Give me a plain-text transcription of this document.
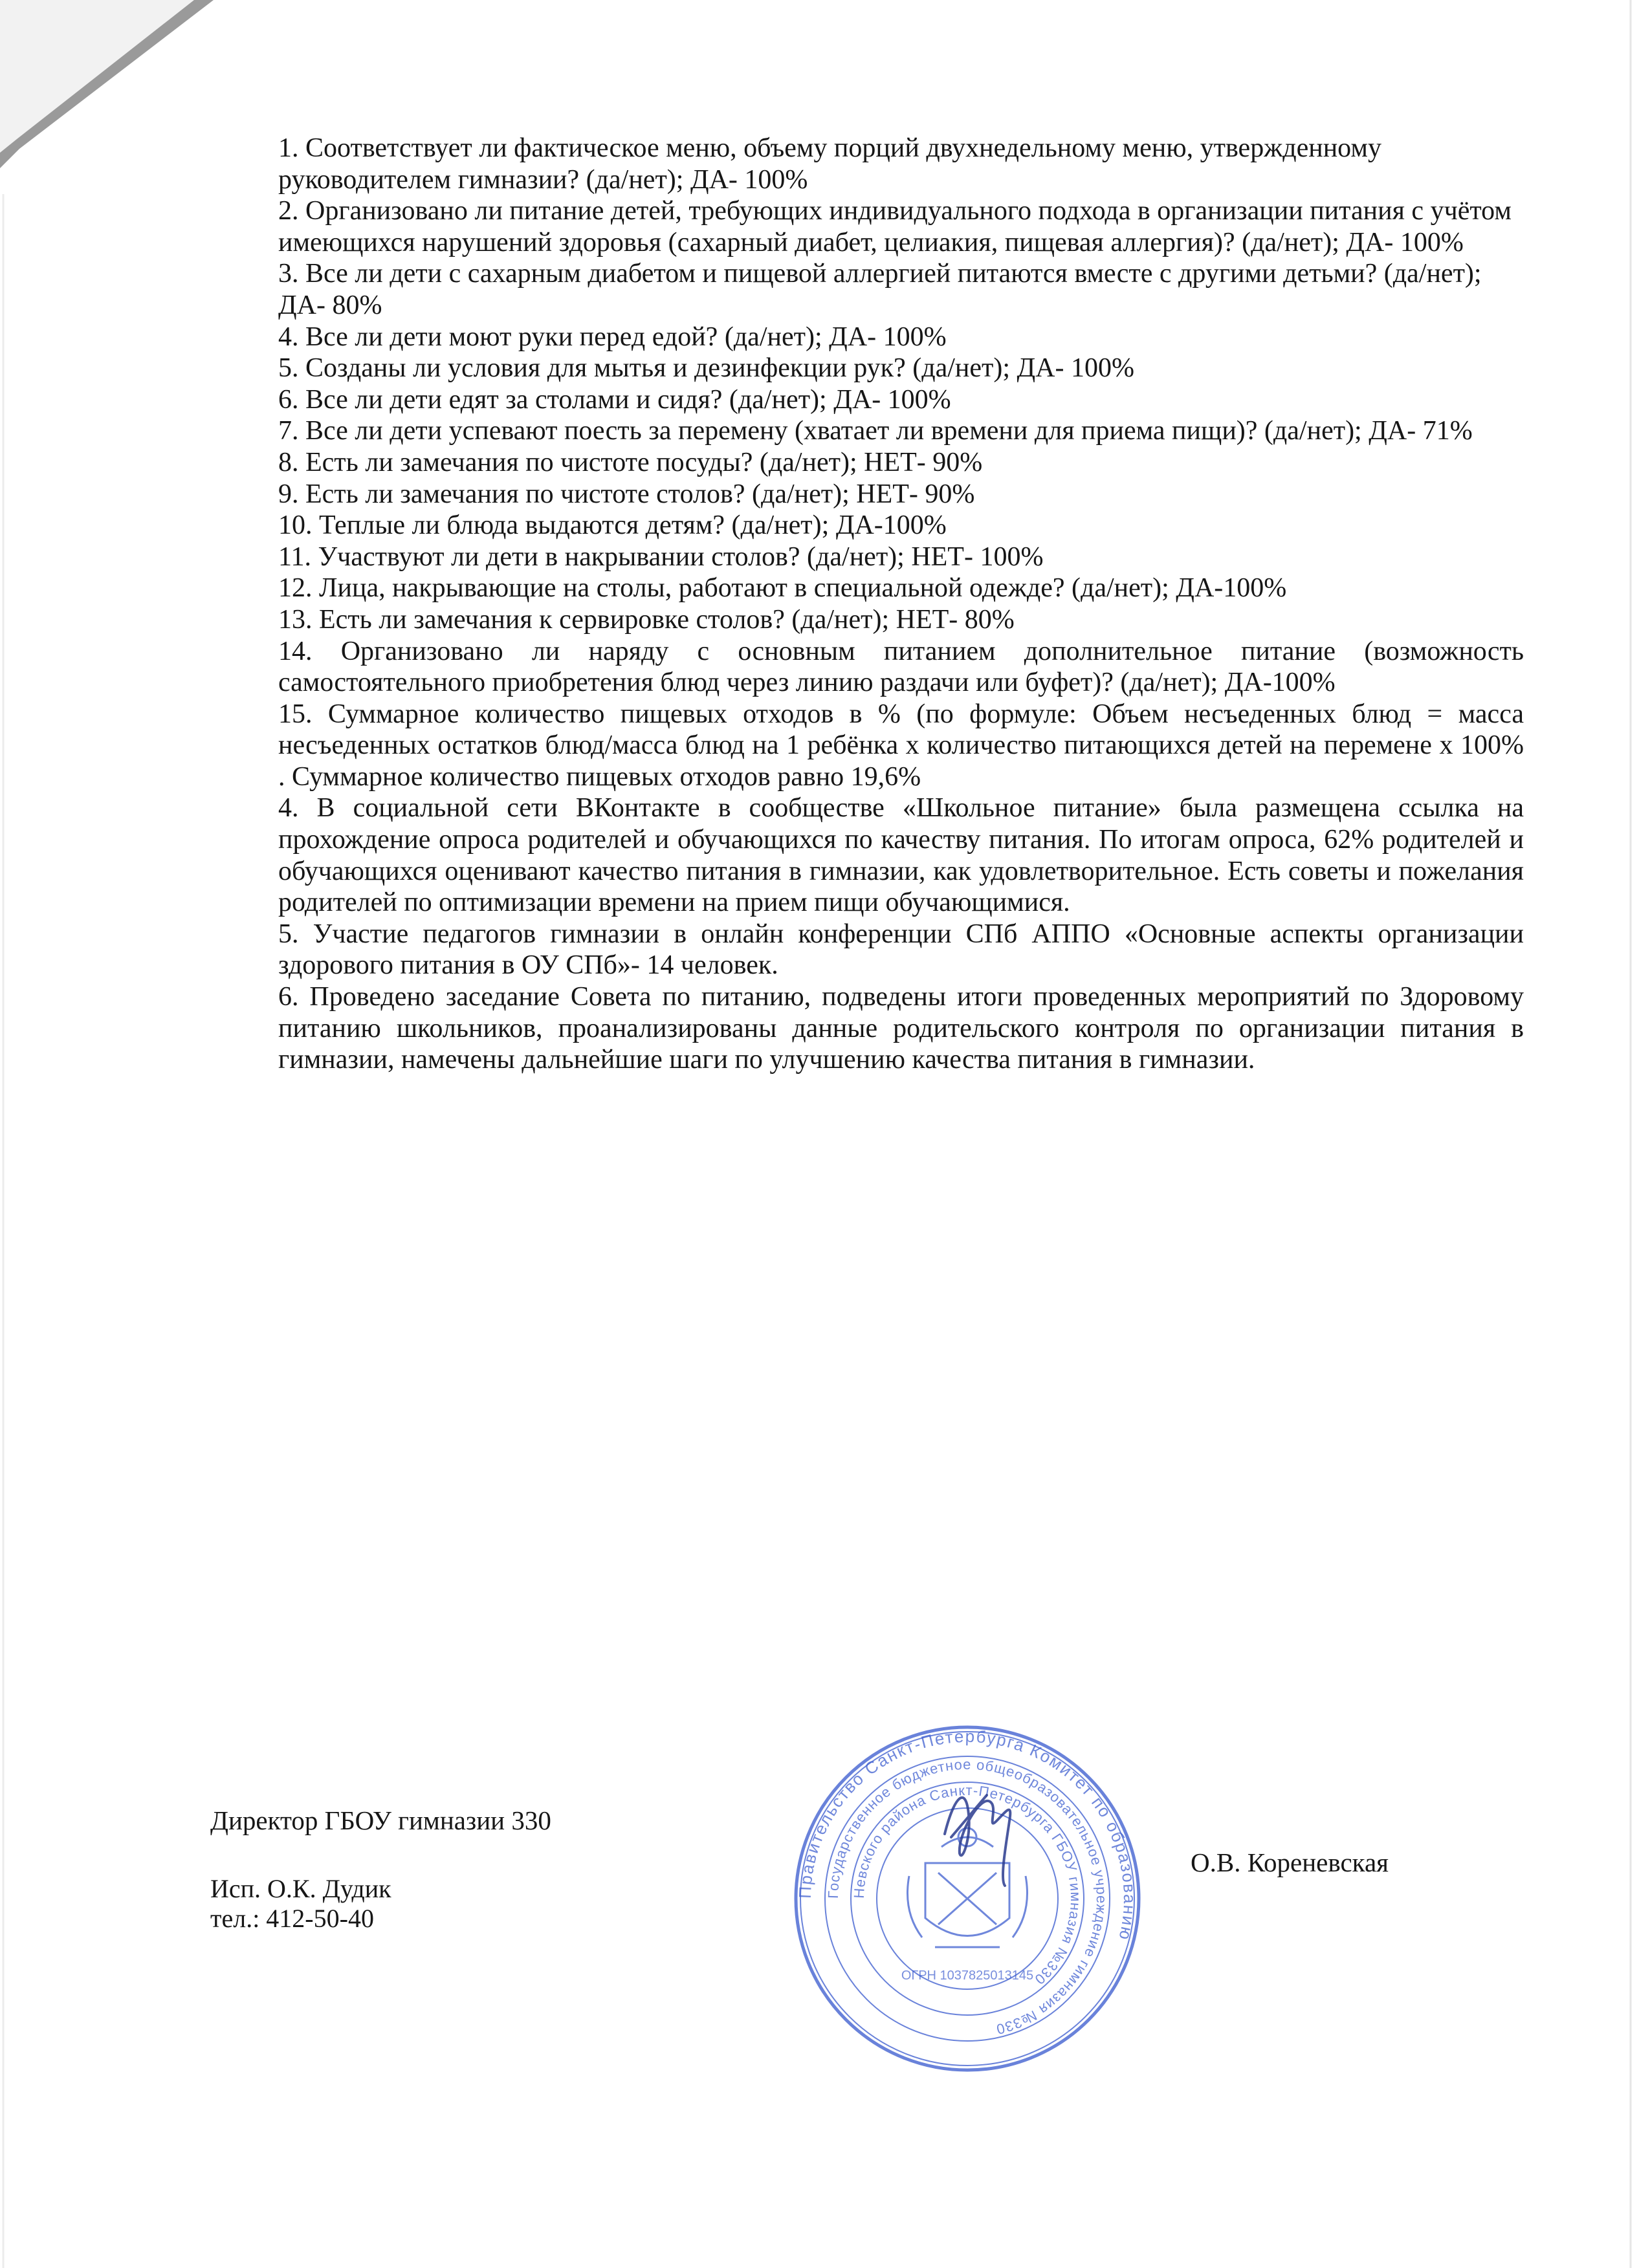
1. Соответствует ли фактическое меню, объему порций двухнедельному меню, утвержденному руководителем гимназии? (да/нет); ДА- 100%

2. Организовано ли питание детей, требующих индивидуального подхода в организации питания с учётом имеющихся нарушений здоровья (сахарный диабет, целиакия, пищевая аллергия)? (да/нет); ДА- 100%

3. Все ли дети с сахарным диабетом и пищевой аллергией питаются вместе с другими детьми? (да/нет); ДА- 80%

4. Все ли дети моют руки перед едой? (да/нет); ДА- 100%

5. Созданы ли условия для мытья и дезинфекции рук? (да/нет); ДА- 100%

6. Все ли дети едят за столами и сидя? (да/нет); ДА- 100%

7. Все ли дети успевают поесть за перемену (хватает ли времени для приема пищи)? (да/нет); ДА- 71%

8. Есть ли замечания по чистоте посуды? (да/нет); НЕТ- 90%

9. Есть ли замечания по чистоте столов? (да/нет); НЕТ- 90%

10. Теплые ли блюда выдаются детям? (да/нет); ДА-100%

11. Участвуют ли дети в накрывании столов? (да/нет); НЕТ- 100%

12. Лица, накрывающие на столы, работают в специальной одежде? (да/нет); ДА-100%

13. Есть ли замечания к сервировке столов? (да/нет); НЕТ- 80%

14. Организовано ли наряду с основным питанием дополнительное питание (возможность самостоятельного приобретения блюд через линию раздачи или буфет)? (да/нет); ДА-100%

15. Суммарное количество пищевых отходов в % (по формуле: Объем несъеденных блюд = масса несъеденных остатков блюд/масса блюд на 1 ребёнка х количество питающихся детей на перемене х 100% . Суммарное количество пищевых отходов равно 19,6%

4. В социальной сети ВКонтакте в сообществе «Школьное питание» была размещена ссылка на прохождение опроса родителей и обучающихся по качеству питания. По итогам опроса, 62% родителей и обучающихся оценивают качество питания в гимназии, как удовлетворительное. Есть советы и пожелания родителей по оптимизации времени на прием пищи обучающимися.

5. Участие педагогов гимназии в онлайн конференции СПб АППО «Основные аспекты организации здорового питания в ОУ СПб»- 14 человек.

6. Проведено заседание Совета по питанию, подведены итоги проведенных мероприятий по Здоровому питанию школьников, проанализированы данные родительского контроля по организации питания в гимназии, намечены дальнейшие шаги по улучшению качества питания в гимназии.

Директор ГБОУ гимназии 330
Исп. О.К. Дудик
тел.: 412-50-40
О.В. Кореневская
Правительство Санкт-Петербурга Комитет по образованию
Государственное бюджетное общеобразовательное учреждение гимназия №330
Невского района Санкт-Петербурга ГБОУ гимназия №330
ОГРН 1037825013145
